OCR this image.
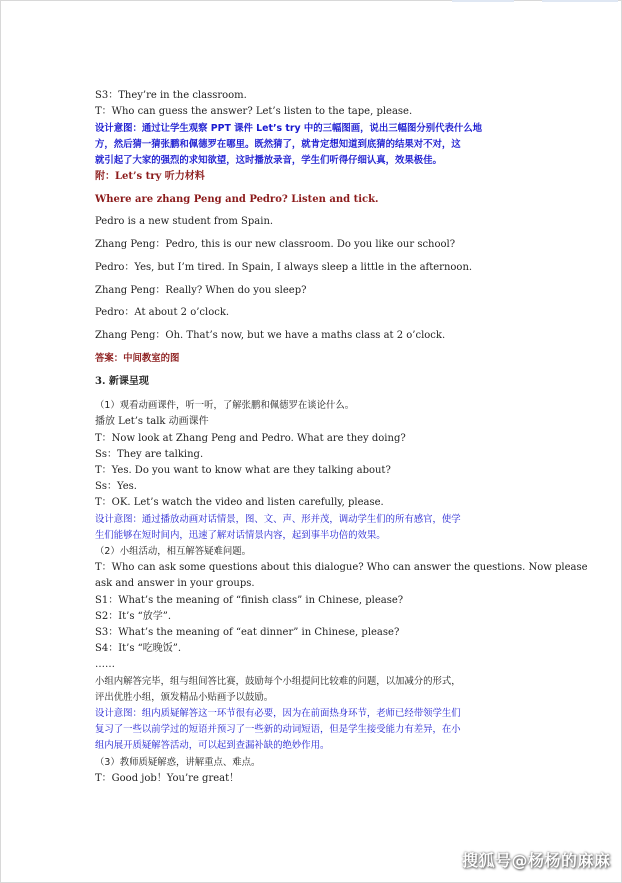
S3：They’re in the classroom.
T：Who can guess the answer? Let’s listen to the tape, please.
设计意图：通过让学生观察 PPT 课件 Let’s try 中的三幅图画，说出三幅图分别代表什么地
方，然后猜一猜张鹏和佩德罗在哪里。既然猜了，就肯定想知道到底猜的结果对不对，这
就引起了大家的强烈的求知欲望，这时播放录音，学生们听得仔细认真，效果极佳。
附：Let’s try 听力材料
Where are zhang Peng and Pedro? Listen and tick.
Pedro is a new student from Spain.
Zhang Peng：Pedro, this is our new classroom. Do you like our school?
Pedro：Yes, but I’m tired. In Spain, I always sleep a little in the afternoon.
Zhang Peng：Really? When do you sleep?
Pedro：At about 2 o’clock.
Zhang Peng：Oh. That’s now, but we have a maths class at 2 o’clock.
答案：中间教室的图
3. 新课呈现
（1）观看动画课件，听一听，了解张鹏和佩德罗在谈论什么。
播放 Let’s talk 动画课件
T：Now look at Zhang Peng and Pedro. What are they doing?
Ss：They are talking.
T：Yes. Do you want to know what are they talking about?
Ss：Yes.
T：OK. Let’s watch the video and listen carefully, please.
设计意图：通过播放动画对话情景，图、文、声、形并茂，调动学生们的所有感官，使学
生们能够在短时间内，迅速了解对话情景内容，起到事半功倍的效果。
（2）小组活动，相互解答疑难问题。
T：Who can ask some questions about this dialogue? Who can answer the questions. Now please
ask and answer in your groups.
S1：What’s the meaning of “finish class” in Chinese, please?
S2：It’s “放学”.
S3：What’s the meaning of “eat dinner” in Chinese, please?
S4：It’s “吃晚饭”.
……
小组内解答完毕，组与组间答比赛，鼓励每个小组提问比较难的问题，以加减分的形式，
评出优胜小组，颁发精品小贴画予以鼓励。
设计意图：组内质疑解答这一环节很有必要，因为在前面热身环节，老师已经带领学生们
复习了一些以前学过的短语并预习了一些新的动词短语，但是学生接受能力有差异，在小
组内展开质疑解答活动，可以起到查漏补缺的绝妙作用。
（3）教师质疑解惑，讲解重点、难点。
T：Good job！You’re great！
搜狐号@杨杨的麻麻
